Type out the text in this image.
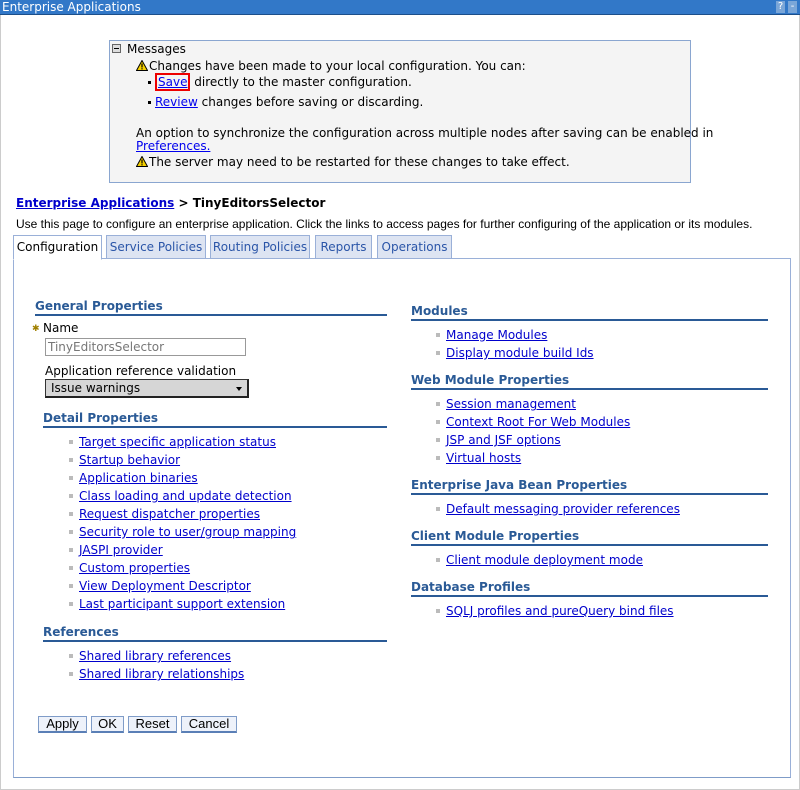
Enterprise Applications	? -
Messages
Changes have been made to your local configuration. You can:
Save directly to the master configuration.
Review changes before saving or discarding.
An option to synchronize the configuration across multiple nodes after saving can be enabled in
Preferences.
The server may need to be restarted for these changes to take effect.
Enterprise Applications > TinyEditorsSelector
Use this page to configure an enterprise application. Click the links to access pages for further configuring of the application or its modules.
Configuration Service Policies Routing Policies	Reports	Operations
General Properties
✱ Name
TinyEditorsSelector
Application reference validation
Issue warnings
Detail Properties
Target specific application status
Startup behavior
Application binaries
Class loading and update detection
Request dispatcher properties
Security role to user/group mapping
JASPI provider
Custom properties
View Deployment Descriptor
Last participant support extension
References
Shared library references
Shared library relationships
Modules
Manage Modules
Display module build Ids
Web Module Properties
Session management
Context Root For Web Modules
JSP and JSF options
Virtual hosts
Enterprise Java Bean Properties
Default messaging provider references
Client Module Properties
Client module deployment mode
Database Profiles
SQLJ profiles and pureQuery bind files
Apply	OK	Reset	Cancel
